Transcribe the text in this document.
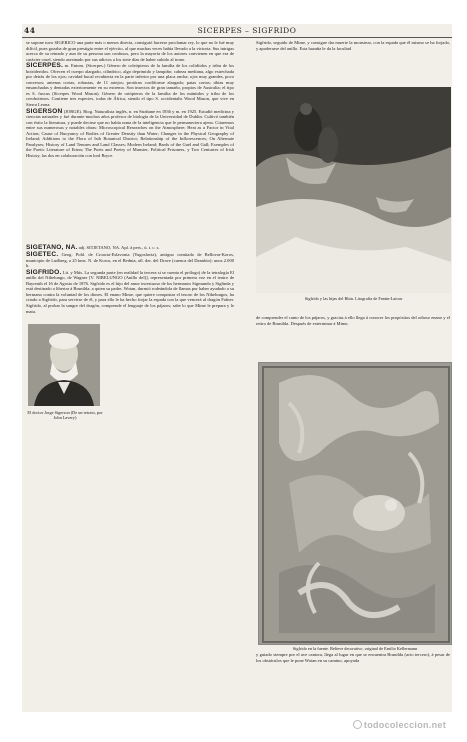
44	SICERPES – SIGFRIDO

se supone tuvo SIGERICO una parte más o menos directa, consiguió hacerse proclamar rey, lo que no le fué muy difícil, pues gozaba de gran prestigio entre el ejército, al que muchas veces había llevado a la victoria. Sus intrigas acerca de su reinado y aun de su persona son confusos, pero la mayoría de los autores convienen en que era de carácter cruel, siendo asesinado por sus adictos a los siete días de haber subido al trono.

SICERPES. m. Entom. (Sicerpes.) Género de coleópteros de la familia de los colidiidos y tribu de los botrideridos. Ofrecen el cuerpo alargado, cilíndrico, algo deprimido y lampiño; cabeza mediana, algo estrechada por detrás de los ojos; cavidad bucal recubierta en la parte inferior por una placa ancha; ojos muy grandes, poco convexos; antenas cortas, robustas, de 11 artejos; protórax cordiforme alargado; patas cortas; tibias muy ensanchadas y dentadas exteriormente en su extremo. Son insectos de gran tamaño, propios de Australia; el tipo es S. fuscus (Sicerpes Wood Mason). Género de ortópteros de la familia de los mántidos y tribu de los creobotrinos. Contiene tres especies, todas de África, siendo el tipo S. occidentalis Wood Mason, que vive en Sierra Leona.

SIGERSON (JORGE). Biog. Naturalista inglés, n. en Strabane en 1836 y m. en 1925. Estudió medicina y ciencias naturales y fué durante muchos años profesor de biología de la Universidad de Dublin. Cultivó también con éxito la literatura, y puede decirse que no había rama de la inteligencia que le permaneciera ajeno. Citaremos entre sus numerosas y notables obras: Microscopical Researches on the Atmosphere; Heat as a Factor in Vital Action; Cause of Buoyancy of Bodies of Greater Density than Water; Changes in the Physical Geography of Ireland; Additions to the Flora of Isth Botanical District; Relationship of the Inflorescences; On Alternate Paralyses; History of Land Tenures and Land Classes; Modern Ireland; Bards of the Gael and Gall; Exemples of the Poetic Literature of Erinn; The Poets and Poetry of Munster, Political Prisoners, y Two Centuries of Irish History, las dos en colaboración con lord Bryce.

SIGETANO, NA. adj. SITJETANO, NA. Apl. á pers., ú. t. c. s.

SIGETEC. Geog. Pobl. de Croacia-Eslavonia (Yugoslavia), antiguo comitado de Bellovar-Koros, municipio de Ludbreg, a 25 kms. N. de Koros, en el Bednia, afl. der. del Drave (cuenca del Danubio); unos 2.000 h.

SIGFRIDO. Lit. y Mús. La segunda parte (en realidad la tercera si se cuenta el prólogo) de la tetralogía El anillo del Nibelungo, de Wagner [V. NIBELUNGO (Anillo del)], representada por primera vez en el teatro de Bayreuth el 16 de Agosto de 1876. Sigfrido es el hijo del amor incestuoso de los hermanos Sigmundo y Siglinda y está destinado a libertar á Brunilda, a quien su padre, Wotan, durmió rodeándola de llamas por haber ayudado a su hermano contra la voluntad de los dioses. El enano Mime, que quiere conquistar el tesoro de los Nibelungos, ha criado a Sigfrido, para servirse de él, y para ello le ha hecho forjar la espada con la que vencerá al dragón Fafner. Sigfrido, al probar la sangre del dragón, comprende el lenguaje de los pájaros; sabe lo que Mime le prepara y le mata.

El doctor Jorge Sigerson (De un retrato, por John Lavery)

Sigfrido, seguido de Mime, y consigue dar muerte la monstruo, con la espada que él mismo se ha forjado, y apoderarse del anillo. Esta hazaña le da la facultad

Sigfrido y las hijas del Rhin. Litografía de Fantin-Latour

de comprender el canto de los pájaros, y gracias á ello llega á conocer los propósitos del odioso enano y el retiro de Brunilda. Después de exterminar á Mime,

Sigfrido en la fuente. Relieve decorativo, original de Emilio Kellermann

y guiado siempre por el ave cantora, llega al lugar en que se encuentra Brunilda (acto tercero), á pesar de los obstáculos que le pone Wotan en su camino, apoyada

todocoleccion.net
